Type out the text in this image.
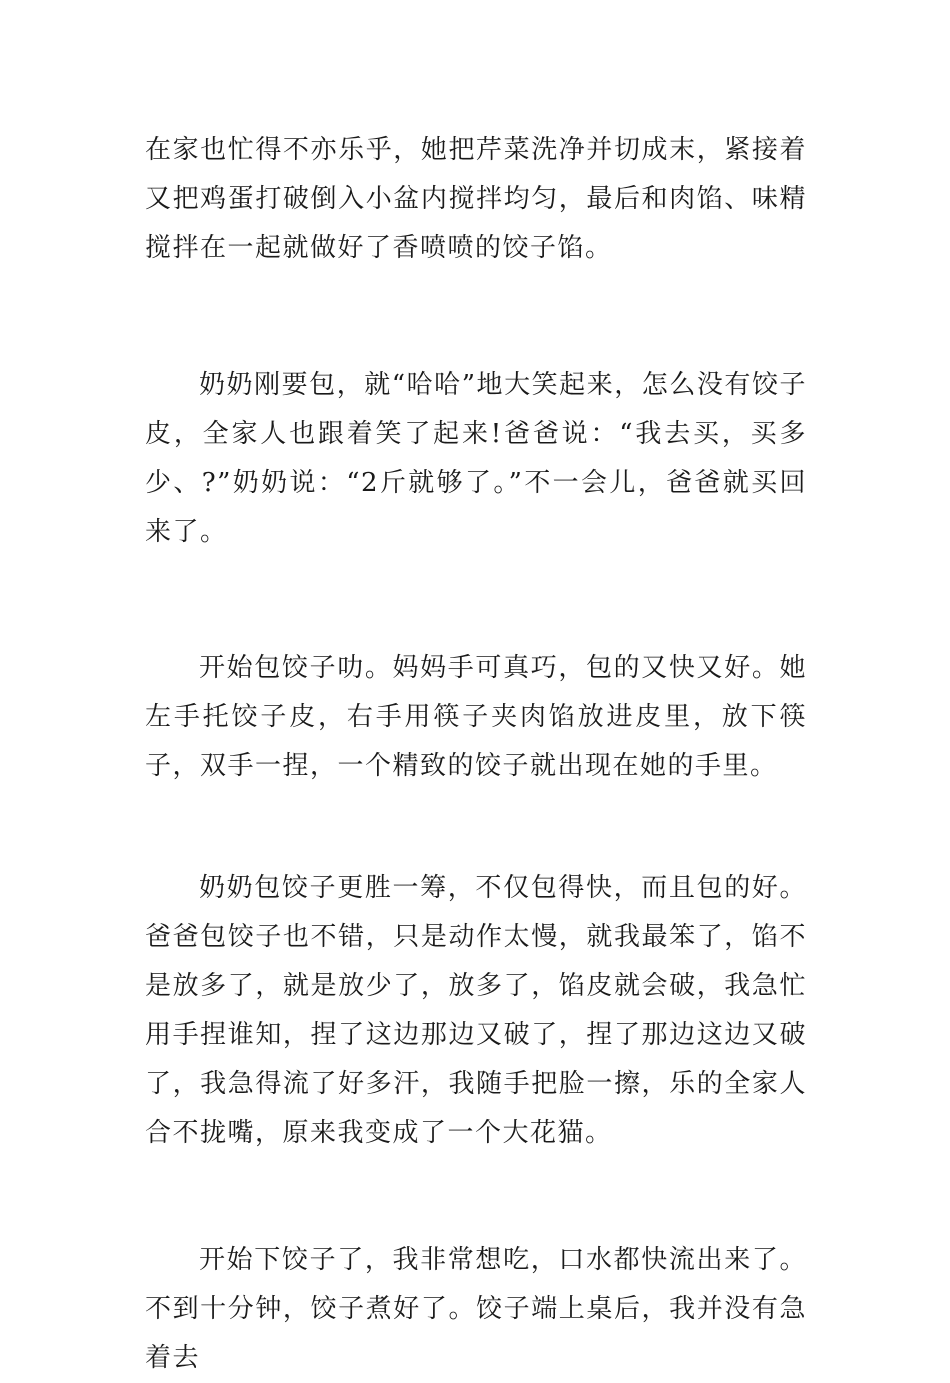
在家也忙得不亦乐乎，她把芹菜洗净并切成末，紧接着又把鸡蛋打破倒入小盆内搅拌均匀，最后和肉馅、味精搅拌在一起就做好了香喷喷的饺子馅。

奶奶刚要包，就“哈哈”地大笑起来，怎么没有饺子皮，全家人也跟着笑了起来!爸爸说：“我去买，买多少、?”奶奶说：“2斤就够了。”不一会儿，爸爸就买回来了。

开始包饺子叻。妈妈手可真巧，包的又快又好。她左手托饺子皮，右手用筷子夹肉馅放进皮里，放下筷子，双手一捏，一个精致的饺子就出现在她的手里。

奶奶包饺子更胜一筹，不仅包得快，而且包的好。爸爸包饺子也不错，只是动作太慢，就我最笨了，馅不是放多了，就是放少了，放多了，馅皮就会破，我急忙用手捏谁知，捏了这边那边又破了，捏了那边这边又破了，我急得流了好多汗，我随手把脸一擦，乐的全家人合不拢嘴，原来我变成了一个大花猫。

开始下饺子了，我非常想吃，口水都快流出来了。不到十分钟，饺子煮好了。饺子端上桌后，我并没有急着去
